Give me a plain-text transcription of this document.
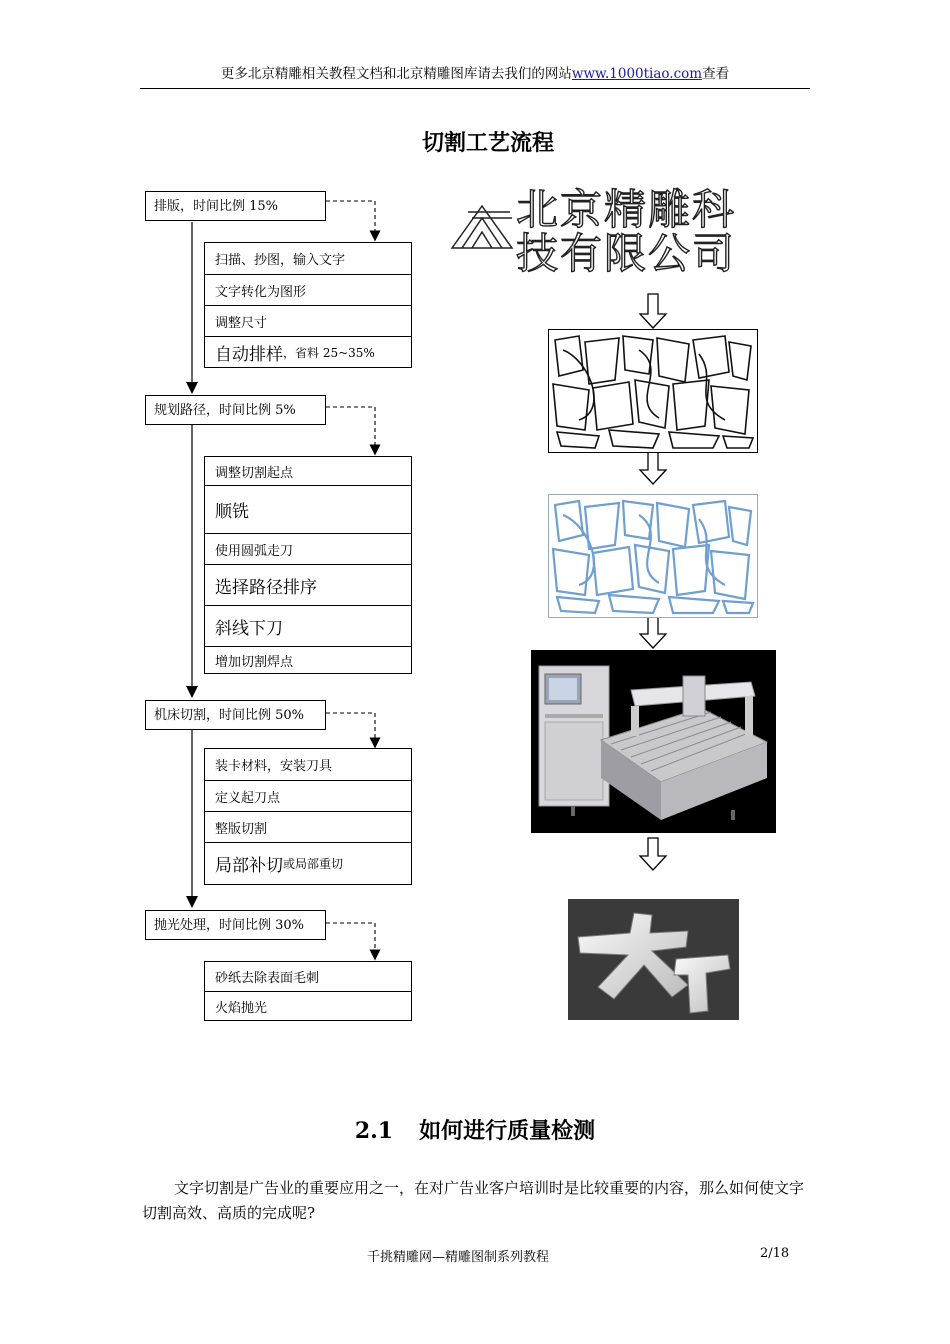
更多北京精雕相关教程文档和北京精雕图库请去我们的网站www.1000tiao.com查看
切割工艺流程
排版，时间比例 15%
规划路径，时间比例 5%
机床切割，时间比例 50%
抛光处理，时间比例 30%
扫描、抄图，输入文字
文字转化为图形
调整尺寸
自动排样 ，省料 25~35%
调整切割起点
顺铣
使用圆弧走刀
选择路径排序
斜线下刀
增加切割焊点
装卡材料，安装刀具
定义起刀点
整版切割
局部补切 或局部重切
砂纸去除表面毛刺
火焰抛光
北京精雕科
技有限公司
2.1 如何进行质量检测
文字切割是广告业的重要应用之一，在对广告业客户培训时是比较重要的内容，那么如何使文字切割高效、高质的完成呢?
千挑精雕网—精雕图制系列教程	2/18
